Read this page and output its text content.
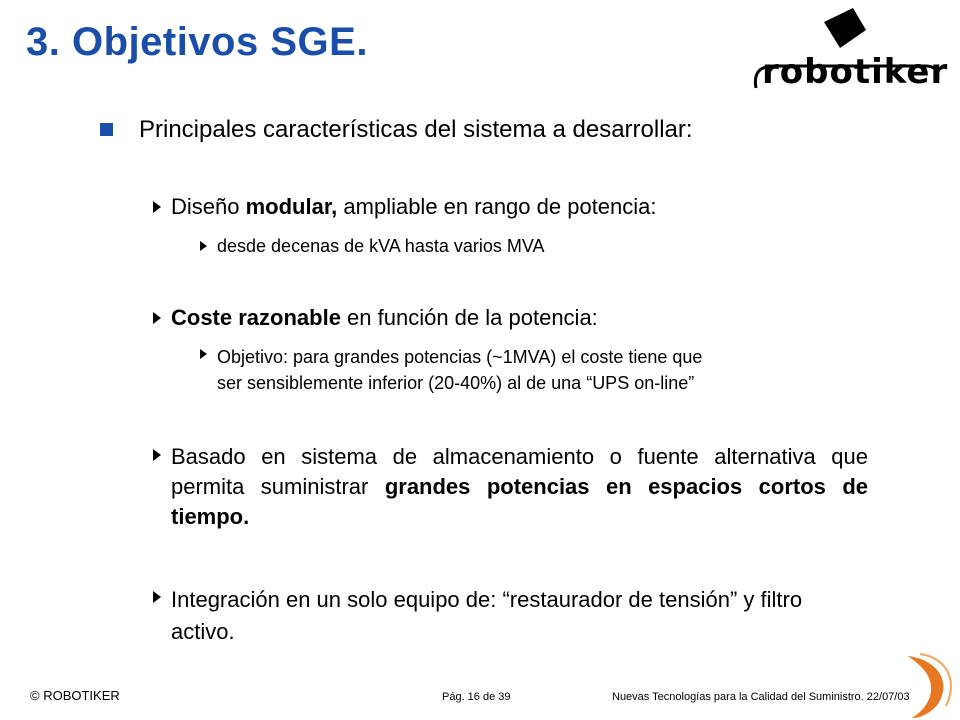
3. Objetivos SGE.
robotiker
Principales características del sistema a desarrollar:
Diseño modular, ampliable en rango de potencia:
desde decenas de kVA hasta varios MVA
Coste razonable en función de la potencia:
Objetivo: para grandes potencias (~1MVA) el coste tiene que
ser sensiblemente inferior (20-40%) al de una “UPS on-line”
Basado en sistema de almacenamiento o fuente alternativa que permita suministrar grandes potencias en espacios cortos de tiempo.
Integración en un solo equipo de: “restaurador de tensión” y filtro activo.
© ROBOTIKER	Pág. 16 de 39	Nuevas Tecnologías para la Calidad del Suministro. 22/07/03
